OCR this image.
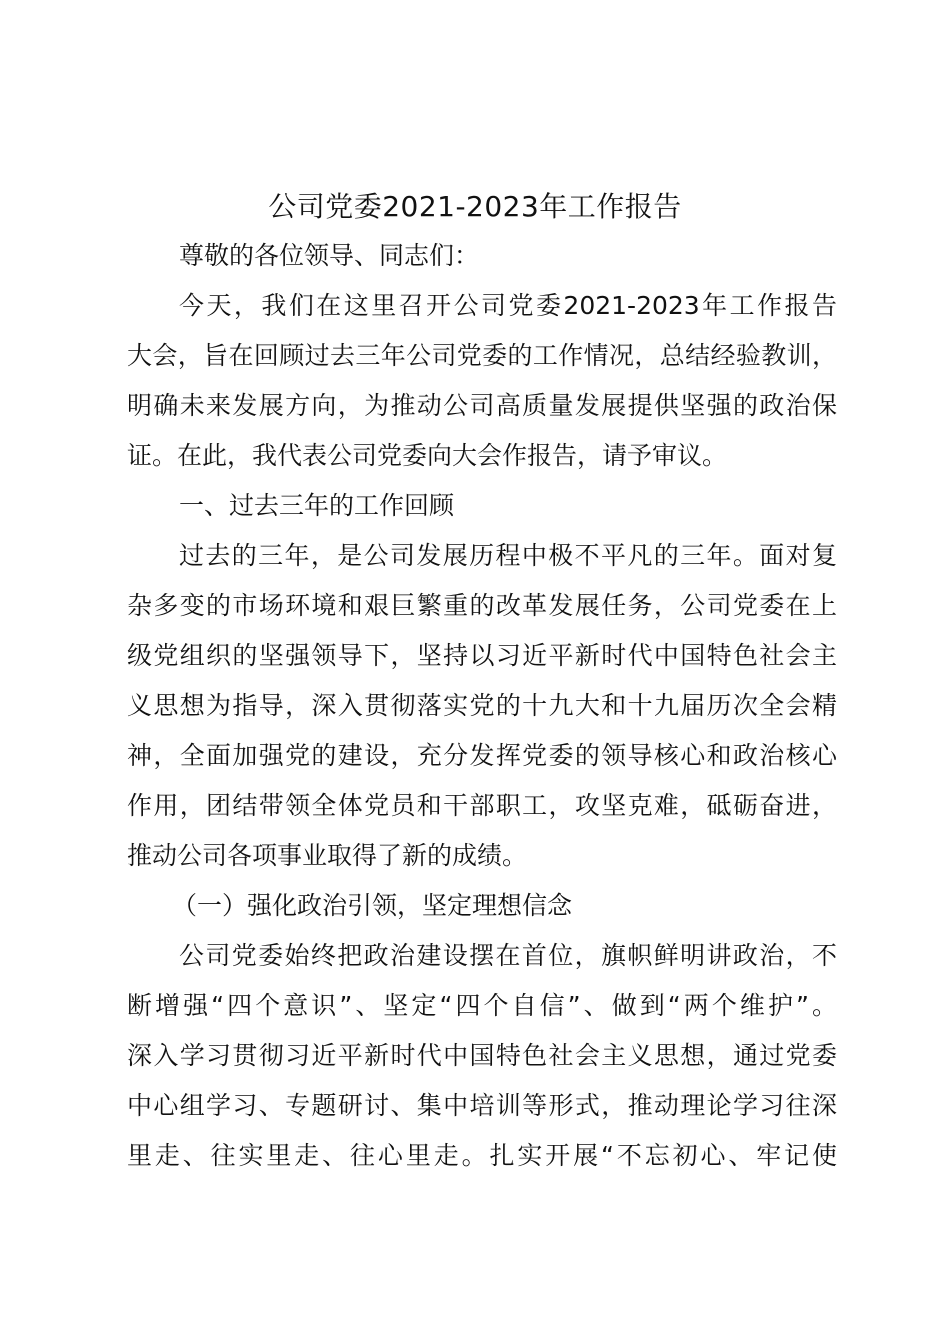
公司党委2021-2023年工作报告
尊敬的各位领导、同志们：
今天，我们在这里召开公司党委2021-2023年工作报告
大会，旨在回顾过去三年公司党委的工作情况，总结经验教训，
明确未来发展方向，为推动公司高质量发展提供坚强的政治保
证。在此，我代表公司党委向大会作报告，请予审议。
一、过去三年的工作回顾
过去的三年，是公司发展历程中极不平凡的三年。面对复
杂多变的市场环境和艰巨繁重的改革发展任务，公司党委在上
级党组织的坚强领导下，坚持以习近平新时代中国特色社会主
义思想为指导，深入贯彻落实党的十九大和十九届历次全会精
神，全面加强党的建设，充分发挥党委的领导核心和政治核心
作用，团结带领全体党员和干部职工，攻坚克难，砥砺奋进，
推动公司各项事业取得了新的成绩。
（一）强化政治引领，坚定理想信念
公司党委始终把政治建设摆在首位，旗帜鲜明讲政治，不
断增强“四个意识”、坚定“四个自信”、做到“两个维护”。
深入学习贯彻习近平新时代中国特色社会主义思想，通过党委
中心组学习、专题研讨、集中培训等形式，推动理论学习往深
里走、往实里走、往心里走。扎实开展“不忘初心、牢记使
